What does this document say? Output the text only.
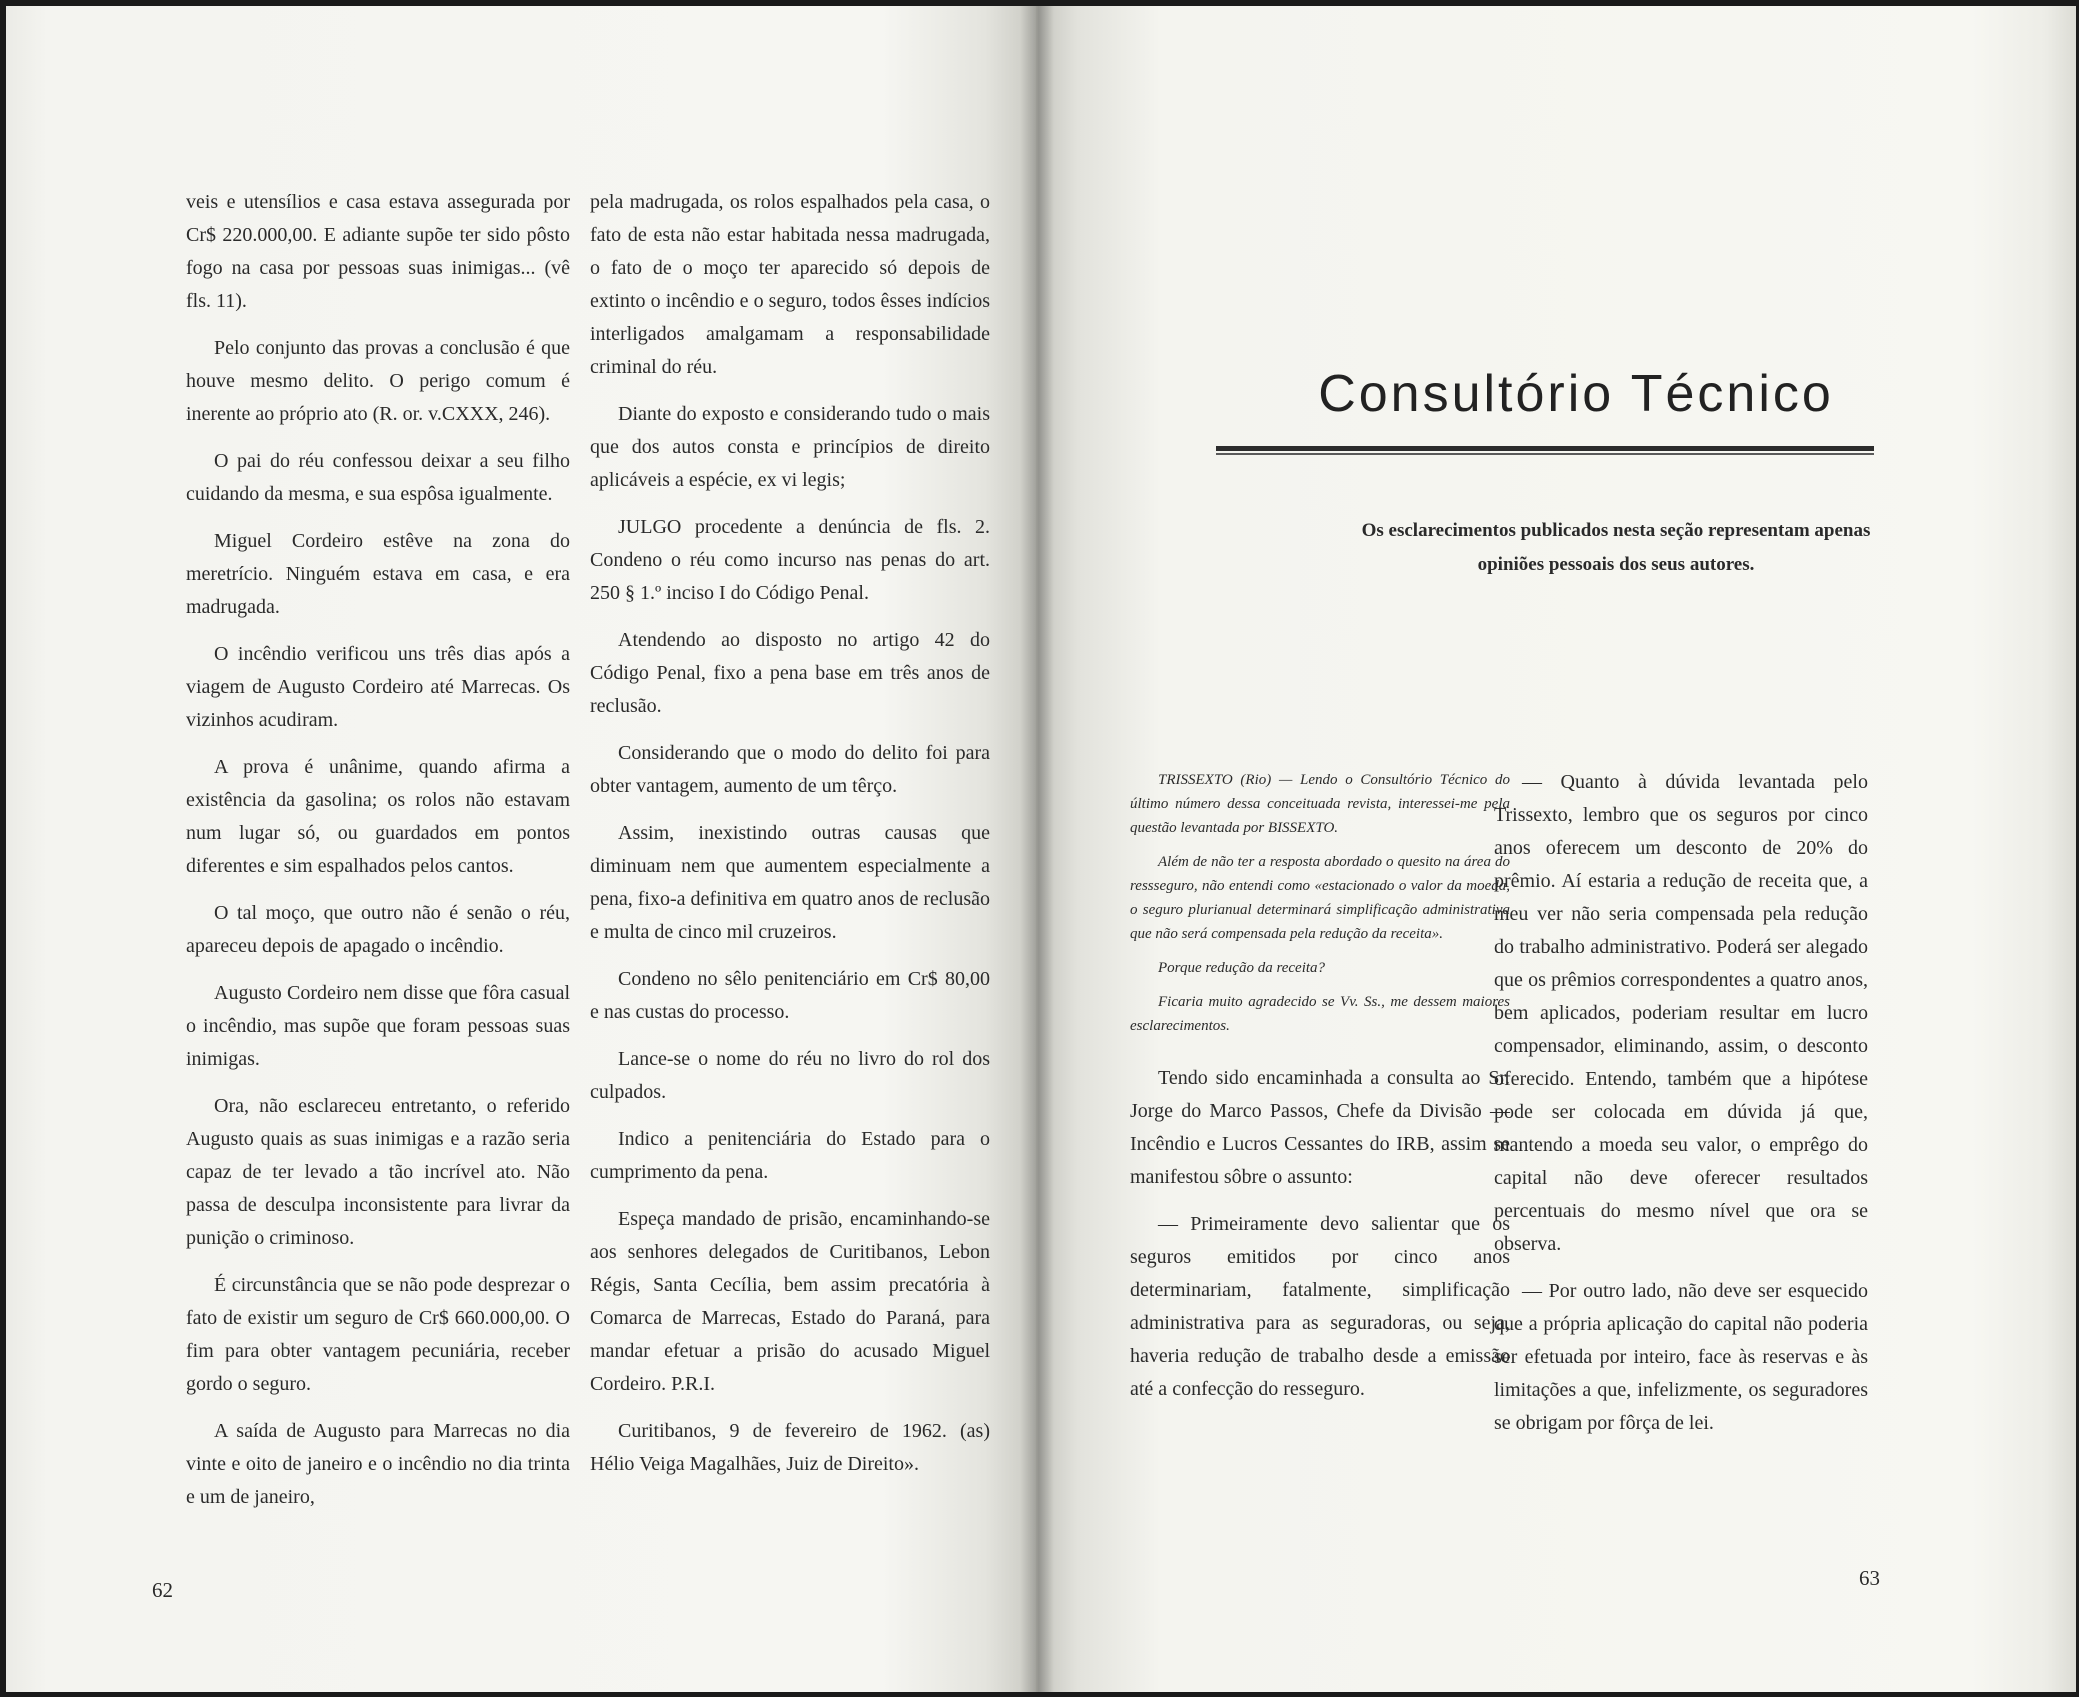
veis e utensílios e casa estava assegurada por Cr$ 220.000,00. E adiante supõe ter sido pôsto fogo na casa por pessoas suas inimigas... (vê fls. 11).

Pelo conjunto das provas a conclusão é que houve mesmo delito. O perigo comum é inerente ao próprio ato (R. or. v.CXXX, 246).

O pai do réu confessou deixar a seu filho cuidando da mesma, e sua espôsa igualmente.

Miguel Cordeiro estêve na zona do meretrício. Ninguém estava em casa, e era madrugada.

O incêndio verificou uns três dias após a viagem de Augusto Cordeiro até Marrecas. Os vizinhos acudiram.

A prova é unânime, quando afirma a existência da gasolina; os rolos não estavam num lugar só, ou guardados em pontos diferentes e sim espalhados pelos cantos.

O tal moço, que outro não é senão o réu, apareceu depois de apagado o incêndio.

Augusto Cordeiro nem disse que fôra casual o incêndio, mas supõe que foram pessoas suas inimigas.

Ora, não esclareceu entretanto, o referido Augusto quais as suas inimigas e a razão seria capaz de ter levado a tão incrível ato. Não passa de desculpa inconsistente para livrar da punição o criminoso.

É circunstância que se não pode desprezar o fato de existir um seguro de Cr$ 660.000,00. O fim para obter vantagem pecuniária, receber gordo o seguro.

A saída de Augusto para Marrecas no dia vinte e oito de janeiro e o incêndio no dia trinta e um de janeiro,

pela madrugada, os rolos espalhados pela casa, o fato de esta não estar habitada nessa madrugada, o fato de o moço ter aparecido só depois de extinto o incêndio e o seguro, todos êsses indícios interligados amalgamam a responsabilidade criminal do réu.

Diante do exposto e considerando tudo o mais que dos autos consta e princípios de direito aplicáveis a espécie, ex vi legis;

JULGO procedente a denúncia de fls. 2. Condeno o réu como incurso nas penas do art. 250 § 1.º inciso I do Código Penal.

Atendendo ao disposto no artigo 42 do Código Penal, fixo a pena base em três anos de reclusão.

Considerando que o modo do delito foi para obter vantagem, aumento de um têrço.

Assim, inexistindo outras causas que diminuam nem que aumentem especialmente a pena, fixo-a definitiva em quatro anos de reclusão e multa de cinco mil cruzeiros.

Condeno no sêlo penitenciário em Cr$ 80,00 e nas custas do processo.

Lance-se o nome do réu no livro do rol dos culpados.

Indico a penitenciária do Estado para o cumprimento da pena.

Espeça mandado de prisão, encaminhando-se aos senhores delegados de Curitibanos, Lebon Régis, Santa Cecília, bem assim precatória à Comarca de Marrecas, Estado do Paraná, para mandar efetuar a prisão do acusado Miguel Cordeiro. P.R.I.

Curitibanos, 9 de fevereiro de 1962. (as) Hélio Veiga Magalhães, Juiz de Direito».

62
Consultório Técnico
Os esclarecimentos publicados nesta seção representam apenas opiniões pessoais dos seus autores.

TRISSEXTO (Rio) — Lendo o Consultório Técnico do último número dessa conceituada revista, interessei-me pela questão levantada por BISSEXTO.

Além de não ter a resposta abordado o quesito na área do ressseguro, não entendi como «estacionado o valor da moeda, o seguro plurianual determinará simplificação administrativa que não será compensada pela redução da receita».

Porque redução da receita?

Ficaria muito agradecido se Vv. Ss., me dessem maiores esclarecimentos.

Tendo sido encaminhada a consulta ao Sr. Jorge do Marco Passos, Chefe da Divisão — Incêndio e Lucros Cessantes do IRB, assim se manifestou sôbre o assunto:

— Primeiramente devo salientar que os seguros emitidos por cinco anos determinariam, fatalmente, simplificação administrativa para as seguradoras, ou seja, haveria redução de trabalho desde a emissão até a confecção do resseguro.

— Quanto à dúvida levantada pelo Trissexto, lembro que os seguros por cinco anos oferecem um desconto de 20% do prêmio. Aí estaria a redução de receita que, a meu ver não seria compensada pela redução do trabalho administrativo. Poderá ser alegado que os prêmios correspondentes a quatro anos, bem aplicados, poderiam resultar em lucro compensador, eliminando, assim, o desconto oferecido. Entendo, também que a hipótese pode ser colocada em dúvida já que, mantendo a moeda seu valor, o emprêgo do capital não deve oferecer resultados percentuais do mesmo nível que ora se observa.

— Por outro lado, não deve ser esquecido que a própria aplicação do capital não poderia ser efetuada por inteiro, face às reservas e às limitações a que, infelizmente, os seguradores se obrigam por fôrça de lei.

63
